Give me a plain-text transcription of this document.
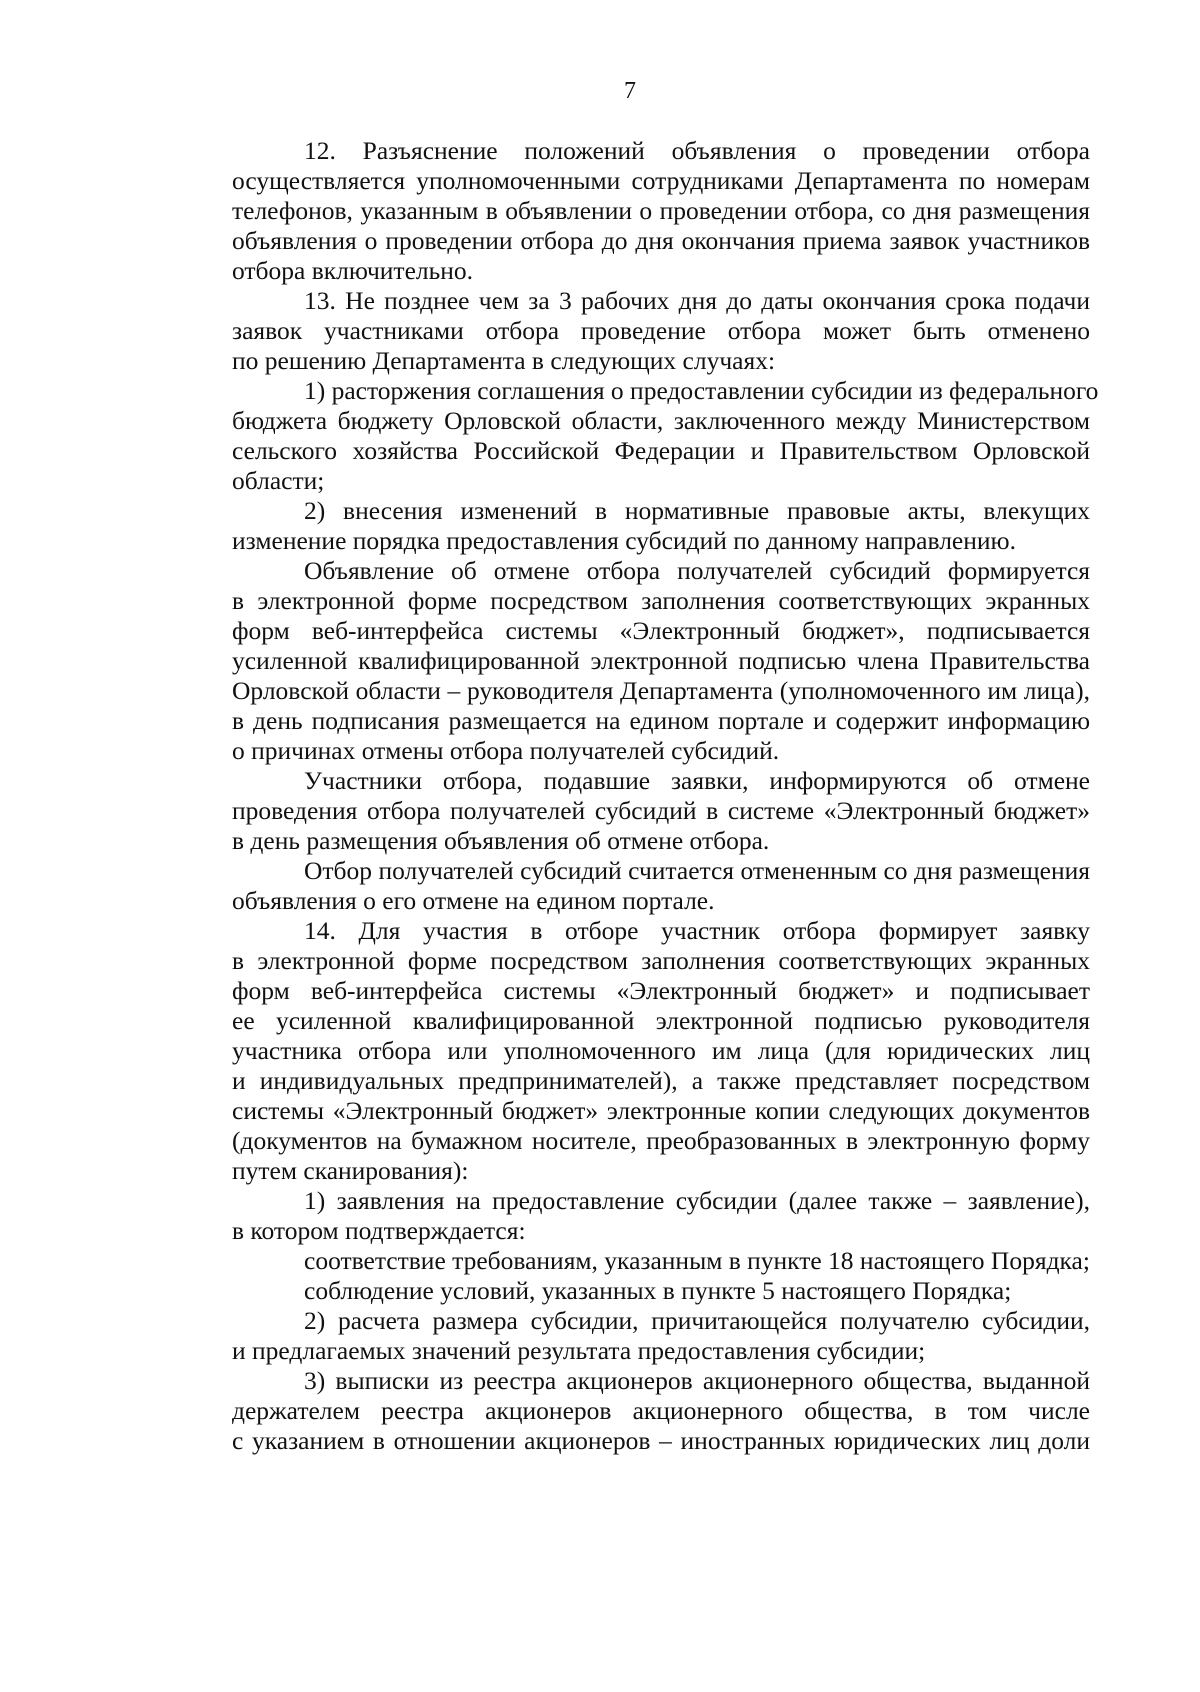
7

12. Разъяснение положений объявления о проведении отбора
осуществляется уполномоченными сотрудниками Департамента по номерам
телефонов, указанным в объявлении о проведении отбора, со дня размещения
объявления о проведении отбора до дня окончания приема заявок участников
отбора включительно.

13. Не позднее чем за 3 рабочих дня до даты окончания срока подачи
заявок участниками отбора проведение отбора может быть отменено
по решению Департамента в следующих случаях:

1) расторжения соглашения о предоставлении субсидии из федерального
бюджета бюджету Орловской области, заключенного между Министерством
сельского хозяйства Российской Федерации и Правительством Орловской
области;

2) внесения изменений в нормативные правовые акты, влекущих
изменение порядка предоставления субсидий по данному направлению.

Объявление об отмене отбора получателей субсидий формируется
в электронной форме посредством заполнения соответствующих экранных
форм веб-интерфейса системы «Электронный бюджет», подписывается
усиленной квалифицированной электронной подписью члена Правительства
Орловской области – руководителя Департамента (уполномоченного им лица),
в день подписания размещается на едином портале и содержит информацию
о причинах отмены отбора получателей субсидий.

Участники отбора, подавшие заявки, информируются об отмене
проведения отбора получателей субсидий в системе «Электронный бюджет»
в день размещения объявления об отмене отбора.

Отбор получателей субсидий считается отмененным со дня размещения
объявления о его отмене на едином портале.

14. Для участия в отборе участник отбора формирует заявку
в электронной форме посредством заполнения соответствующих экранных
форм веб-интерфейса системы «Электронный бюджет» и подписывает
ее усиленной квалифицированной электронной подписью руководителя
участника отбора или уполномоченного им лица (для юридических лиц
и индивидуальных предпринимателей), а также представляет посредством
системы «Электронный бюджет» электронные копии следующих документов
(документов на бумажном носителе, преобразованных в электронную форму
путем сканирования):

1) заявления на предоставление субсидии (далее также – заявление),
в котором подтверждается:

соответствие требованиям, указанным в пункте 18 настоящего Порядка;

соблюдение условий, указанных в пункте 5 настоящего Порядка;

2) расчета размера субсидии, причитающейся получателю субсидии,
и предлагаемых значений результата предоставления субсидии;

3) выписки из реестра акционеров акционерного общества, выданной
держателем реестра акционеров акционерного общества, в том числе
с указанием в отношении акционеров – иностранных юридических лиц доли
